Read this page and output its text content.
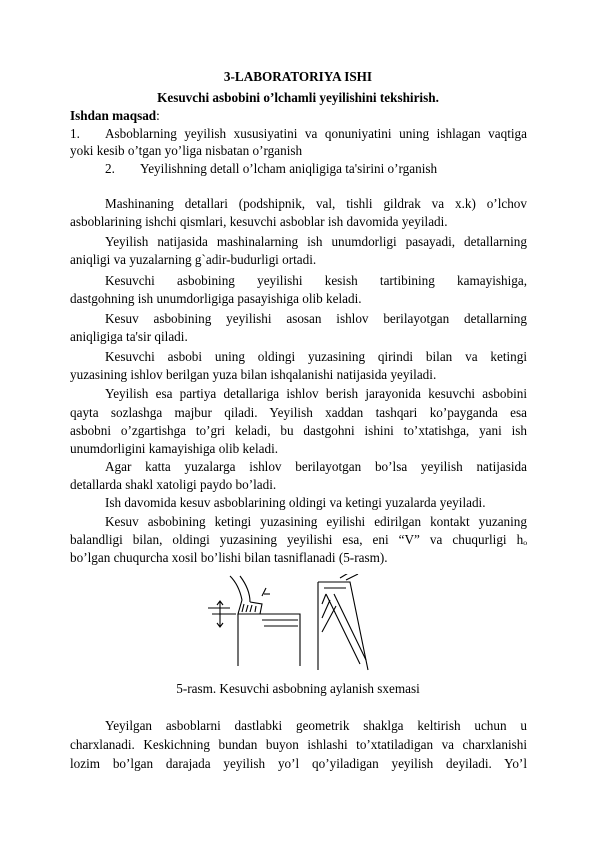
3-LABORATORIYA ISHI
Kesuvchi asbobini o’lchamli yeyilishini tekshirish.
Ishdan maqsad:
1. Asboblarning yeyilish xususiyatini va qonuniyatini uning ishlagan vaqtiga
yoki kesib o’tgan yo’liga nisbatan o’rganish
2. Yeyilishning detall o’lcham aniqligiga ta'sirini o’rganish
Mashinaning detallari (podshipnik, val, tishli gildrak va x.k) o’lchov
asboblarining ishchi qismlari, kesuvchi asboblar ish davomida yeyiladi.
Yeyilish natijasida mashinalarning ish unumdorligi pasayadi, detallarning
aniqligi va yuzalarning g`adir-budurligi ortadi.
Kesuvchi asbobining yeyilishi kesish tartibining kamayishiga,
dastgohning ish unumdorligiga pasayishiga olib keladi.
Kesuv asbobining yeyilishi asosan ishlov berilayotgan detallarning
aniqligiga ta'sir qiladi.
Kesuvchi asbobi uning oldingi yuzasining qirindi bilan va ketingi
yuzasining ishlov berilgan yuza bilan ishqalanishi natijasida yeyiladi.
Yeyilish esa partiya detallariga ishlov berish jarayonida kesuvchi asbobini
qayta sozlashga majbur qiladi. Yeyilish xaddan tashqari ko’payganda esa
asbobni o’zgartishga to’gri keladi, bu dastgohni ishini to’xtatishga, yani ish
unumdorligini kamayishiga olib keladi.
Agar katta yuzalarga ishlov berilayotgan bo’lsa yeyilish natijasida
detallarda shakl xatoligi paydo bo’ladi.
Ish davomida kesuv asboblarining oldingi va ketingi yuzalarda yeyiladi.
Kesuv asbobining ketingi yuzasining eyilishi edirilgan kontakt yuzaning
balandligi bilan, oldingi yuzasining yeyilishi esa, eni “V” va chuqurligi hₒ
bo’lgan chuqurcha xosil bo’lishi bilan tasniflanadi (5-rasm).
5-rasm. Kesuvchi asbobning aylanish sxemasi
Yeyilgan asboblarni dastlabki geometrik shaklga keltirish uchun u
charxlanadi. Keskichning bundan buyon ishlashi to’xtatiladigan va charxlanishi
lozim bo’lgan darajada yeyilish yo’l qo’yiladigan yeyilish deyiladi. Yo’l
